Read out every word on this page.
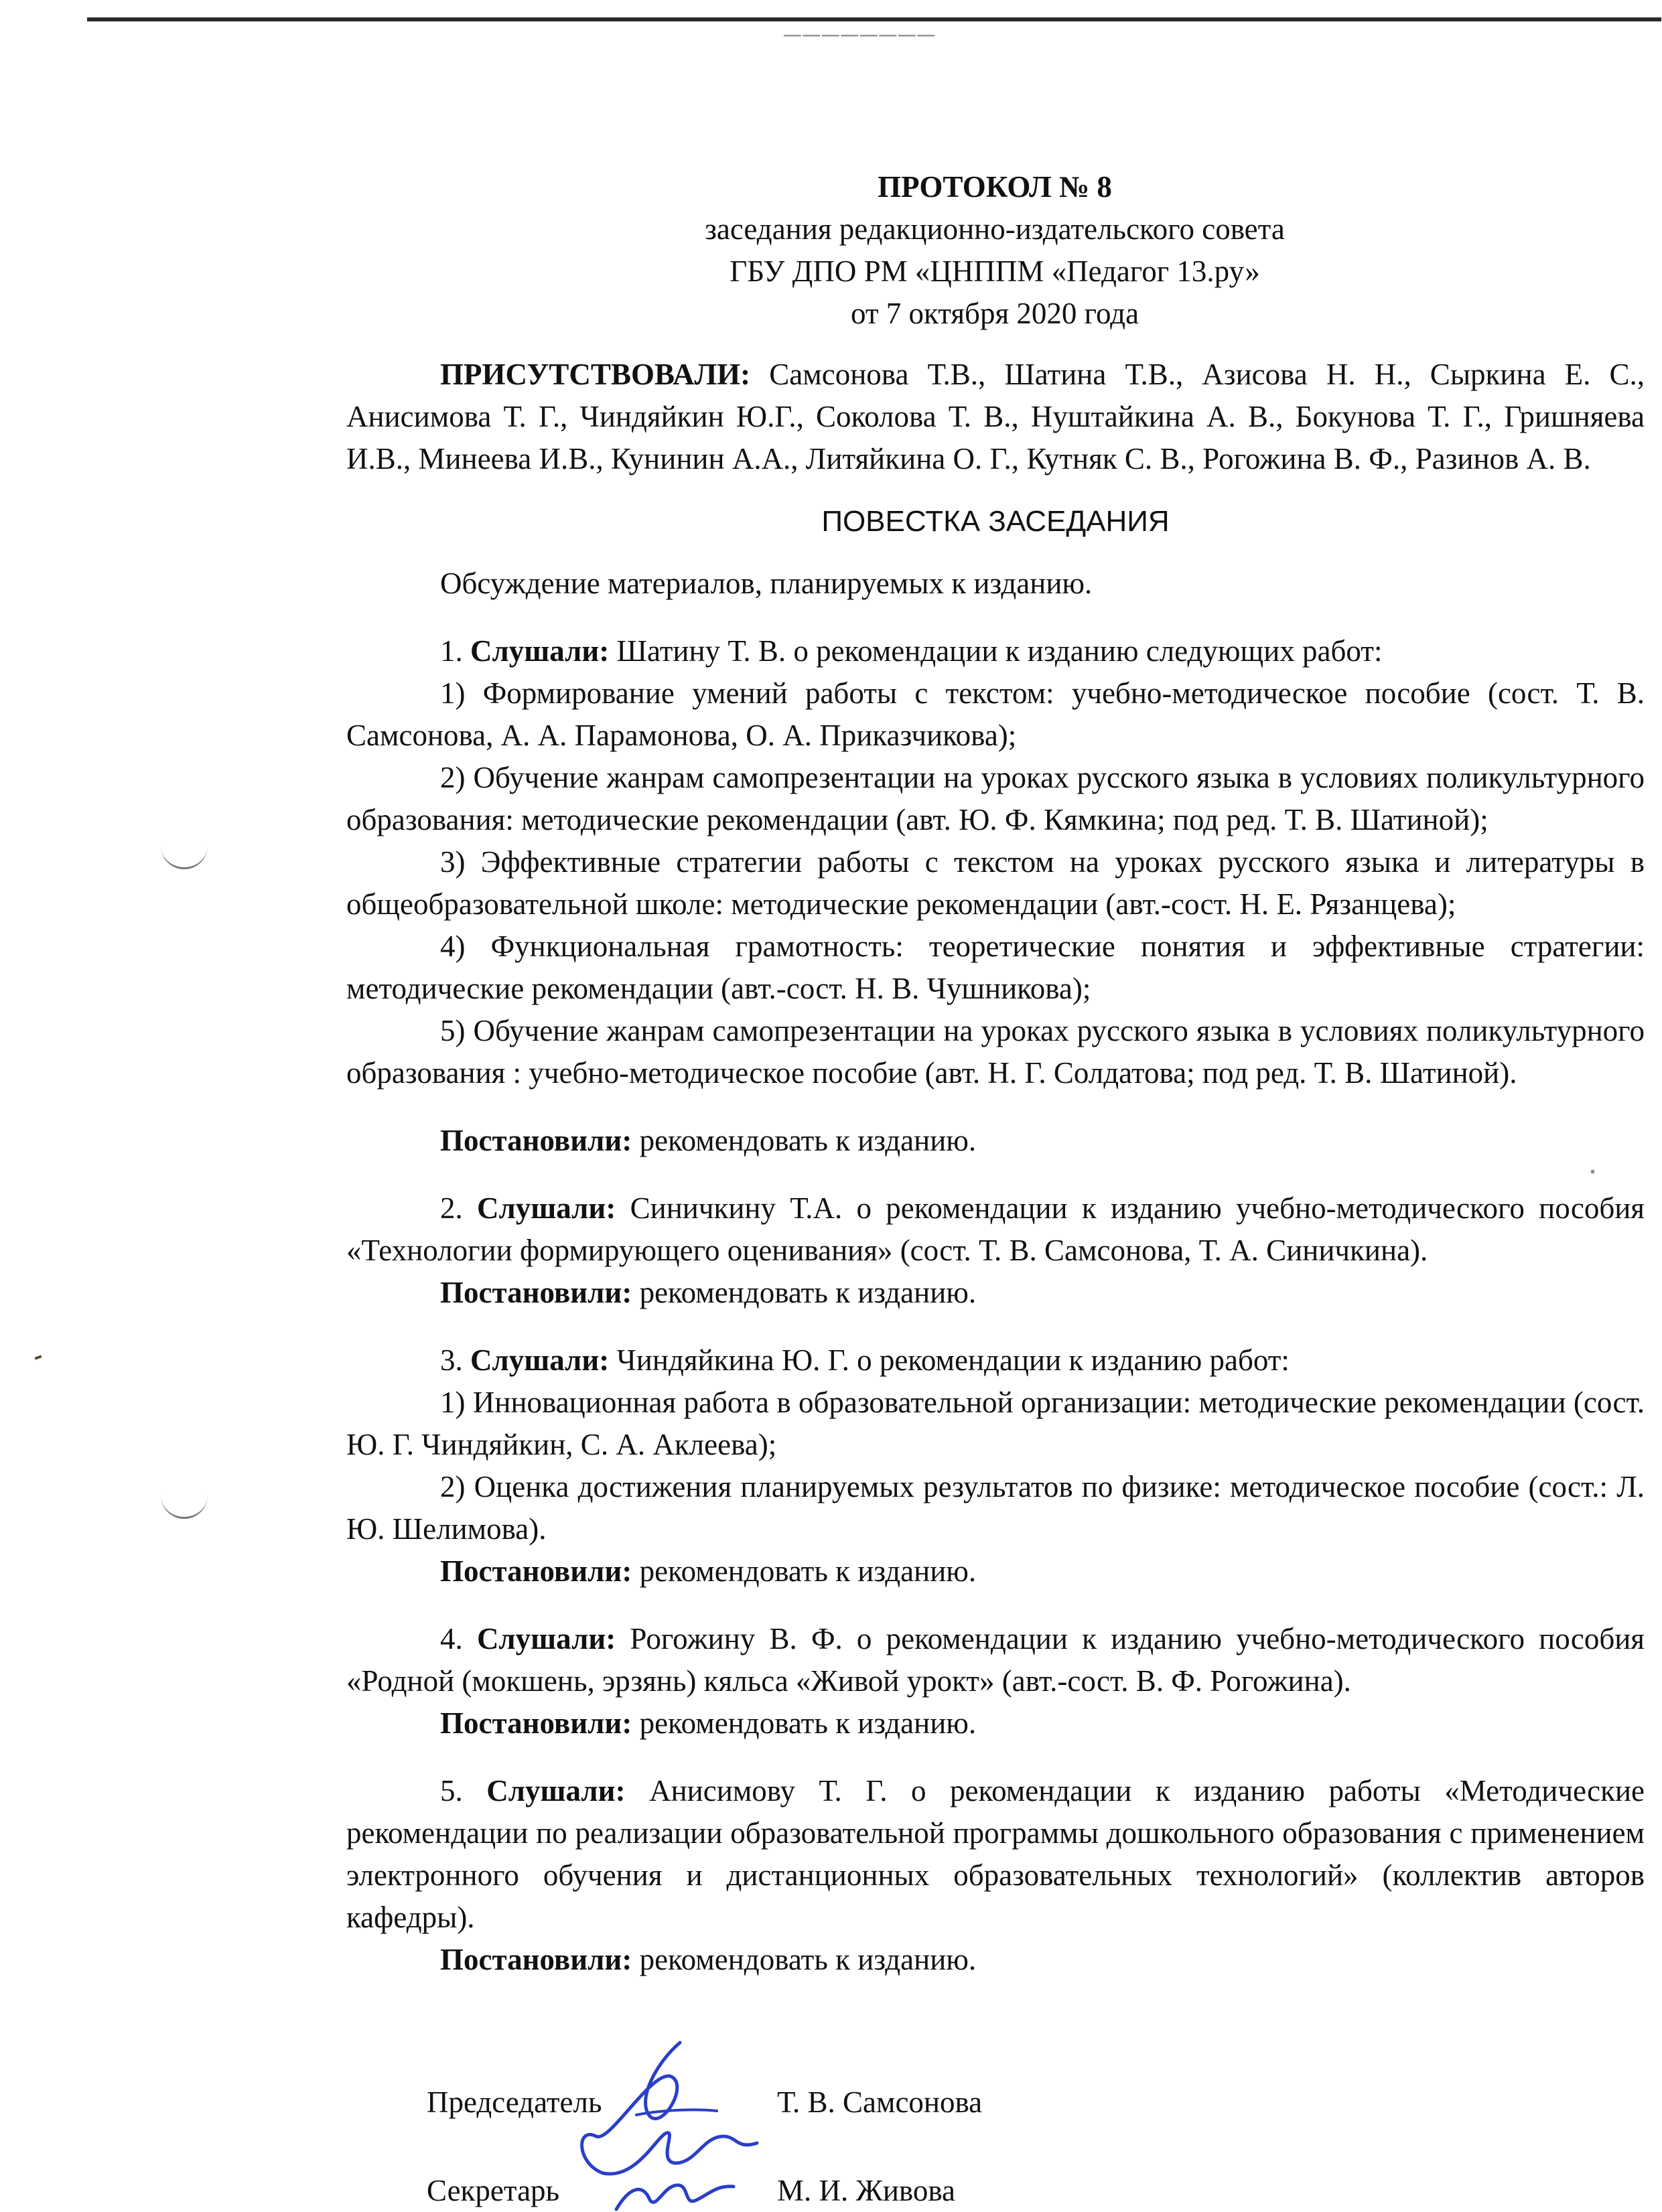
────────
ПРОТОКОЛ № 8
заседания редакционно-издательского совета
ГБУ ДПО РМ «ЦНППМ «Педагог 13.ру»
от 7 октября 2020 года

ПРИСУТСТВОВАЛИ: Самсонова Т.В., Шатина Т.В., Азисова Н. Н., Сыркина Е. С., Анисимова Т. Г., Чиндяйкин Ю.Г., Соколова Т. В., Нуштайкина А. В., Бокунова Т. Г., Гришняева И.В., Минеева И.В., Кунинин А.А., Литяйкина О. Г., Кутняк С. В., Рогожина В. Ф., Разинов А. В.

ПОВЕСТКА ЗАСЕДАНИЯ

Обсуждение материалов, планируемых к изданию.

1. Слушали: Шатину Т. В. о рекомендации к изданию следующих работ:

1) Формирование умений работы с текстом: учебно-методическое пособие (сост. Т. В. Самсонова, А. А. Парамонова, О. А. Приказчикова);

2) Обучение жанрам самопрезентации на уроках русского языка в условиях поликультурного образования: методические рекомендации (авт. Ю. Ф. Кямкина; под ред. Т. В. Шатиной);

3) Эффективные стратегии работы с текстом на уроках русского языка и литературы в общеобразовательной школе: методические рекомендации (авт.-сост. Н. Е. Рязанцева);

4) Функциональная грамотность: теоретические понятия и эффективные стратегии: методические рекомендации (авт.-сост. Н. В. Чушникова);

5) Обучение жанрам самопрезентации на уроках русского языка в условиях поликультурного образования : учебно-методическое пособие (авт. Н. Г. Солдатова; под ред. Т. В. Шатиной).

Постановили: рекомендовать к изданию.

2. Слушали: Синичкину Т.А. о рекомендации к изданию учебно-методического пособия «Технологии формирующего оценивания» (сост. Т. В. Самсонова, Т. А. Синичкина).

Постановили: рекомендовать к изданию.

3. Слушали: Чиндяйкина Ю. Г. о рекомендации к изданию работ:

1) Инновационная работа в образовательной организации: методические рекомендации (сост. Ю. Г. Чиндяйкин, С. А. Аклеева);

2) Оценка достижения планируемых результатов по физике: методическое пособие (сост.: Л. Ю. Шелимова).

Постановили: рекомендовать к изданию.

4. Слушали: Рогожину В. Ф. о рекомендации к изданию учебно-методического пособия «Родной (мокшень, эрзянь) кяльса «Живой урокт» (авт.-сост. В. Ф. Рогожина).

Постановили: рекомендовать к изданию.

5. Слушали: Анисимову Т. Г. о рекомендации к изданию работы «Методические рекомендации по реализации образовательной программы дошкольного образования с применением электронного обучения и дистанционных образовательных технологий» (коллектив авторов кафедры).

Постановили: рекомендовать к изданию.

Председатель	Т. В. Самсонова
Секретарь	М. И. Живова
